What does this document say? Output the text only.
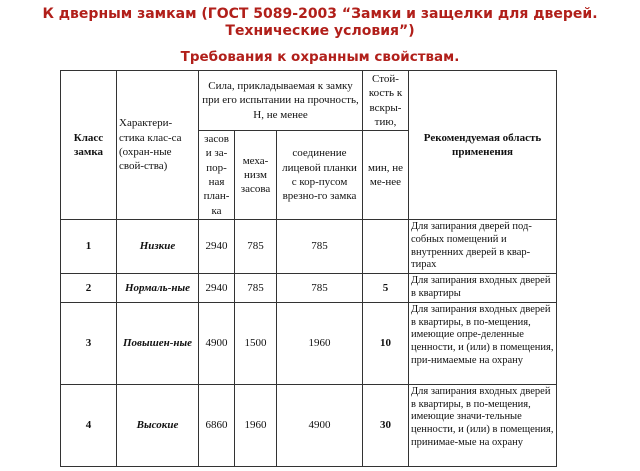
К дверным замкам (ГОСТ 5089-2003 “Замки и защелки для дверей.
Технические условия”)
Требования к охранным свойствам.
Класс замка	Характери-стика клас-са (охран-ные свой-ства)	Сила, прикладываемая к замку при его испытании на прочность, Н, не менее			Стой-кость к вскры-тию,	Рекомендуемая область применения
		засов и за-пор-ная план-ка	меха-низм засова	соединение лицевой планки с кор-пусом врезно-го замка	мин, не ме-нее	
1	Низкие	2940	785	785		Для запирания дверей под-собных помещений и внутренних дверей в квар-тирах
2	Нормаль-ные	2940	785	785	5	Для запирания входных дверей в квартиры
3	Повышен-ные	4900	1500	1960	10	Для запирания входных дверей в квартиры, в по-мещения, имеющие опре-деленные ценности, и (или) в помещения, при-нимаемые на охрану
4	Высокие	6860	1960	4900	30	Для запирания входных дверей в квартиры, в по-мещения, имеющие значи-тельные ценности, и (или) в помещения, принимае-мые на охрану
